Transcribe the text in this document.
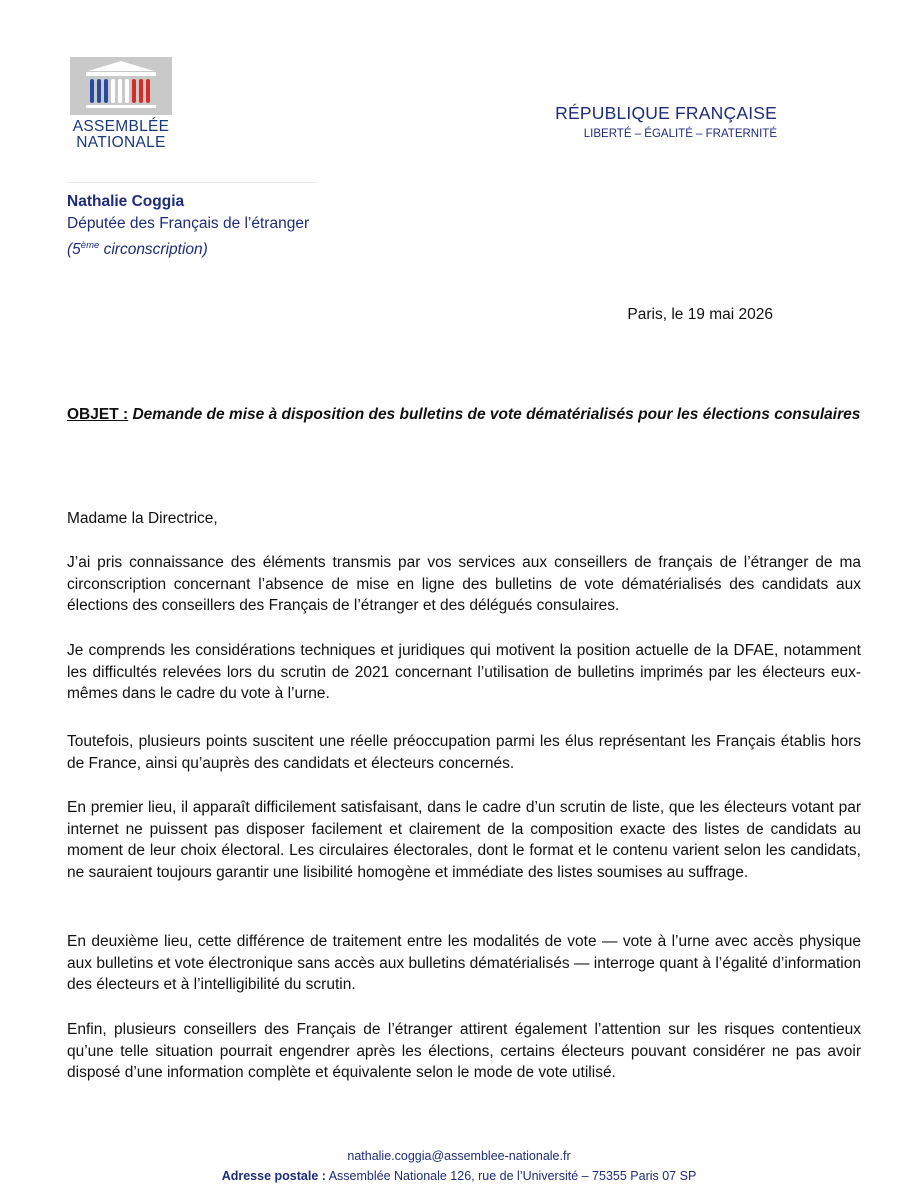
ASSEMBLÉE
NATIONALE
RÉPUBLIQUE FRANÇAISE
LIBERTÉ – ÉGALITÉ – FRATERNITÉ
Nathalie Coggia
Députée des Français de l’étranger
(5ème circonscription)
Paris, le 19 mai 2026
OBJET : Demande de mise à disposition des bulletins de vote dématérialisés pour les élections consulaires
Madame la Directrice,

J’ai pris connaissance des éléments transmis par vos services aux conseillers de français de l’étranger de ma circonscription concernant l’absence de mise en ligne des bulletins de vote dématérialisés des candidats aux élections des conseillers des Français de l’étranger et des délégués consulaires.

Je comprends les considérations techniques et juridiques qui motivent la position actuelle de la DFAE, notamment les difficultés relevées lors du scrutin de 2021 concernant l’utilisation de bulletins imprimés par les électeurs eux-mêmes dans le cadre du vote à l’urne.

Toutefois, plusieurs points suscitent une réelle préoccupation parmi les élus représentant les Français établis hors de France, ainsi qu’auprès des candidats et électeurs concernés.

En premier lieu, il apparaît difficilement satisfaisant, dans le cadre d’un scrutin de liste, que les électeurs votant par internet ne puissent pas disposer facilement et clairement de la composition exacte des listes de candidats au moment de leur choix électoral. Les circulaires électorales, dont le format et le contenu varient selon les candidats, ne sauraient toujours garantir une lisibilité homogène et immédiate des listes soumises au suffrage.

En deuxième lieu, cette différence de traitement entre les modalités de vote — vote à l’urne avec accès physique aux bulletins et vote électronique sans accès aux bulletins dématérialisés — interroge quant à l’égalité d’information des électeurs et à l’intelligibilité du scrutin.

Enfin, plusieurs conseillers des Français de l’étranger attirent également l’attention sur les risques contentieux qu’une telle situation pourrait engendrer après les élections, certains électeurs pouvant considérer ne pas avoir disposé d’une information complète et équivalente selon le mode de vote utilisé.

nathalie.coggia@assemblee-nationale.fr
Adresse postale : Assemblée Nationale 126, rue de l’Université – 75355 Paris 07 SP
